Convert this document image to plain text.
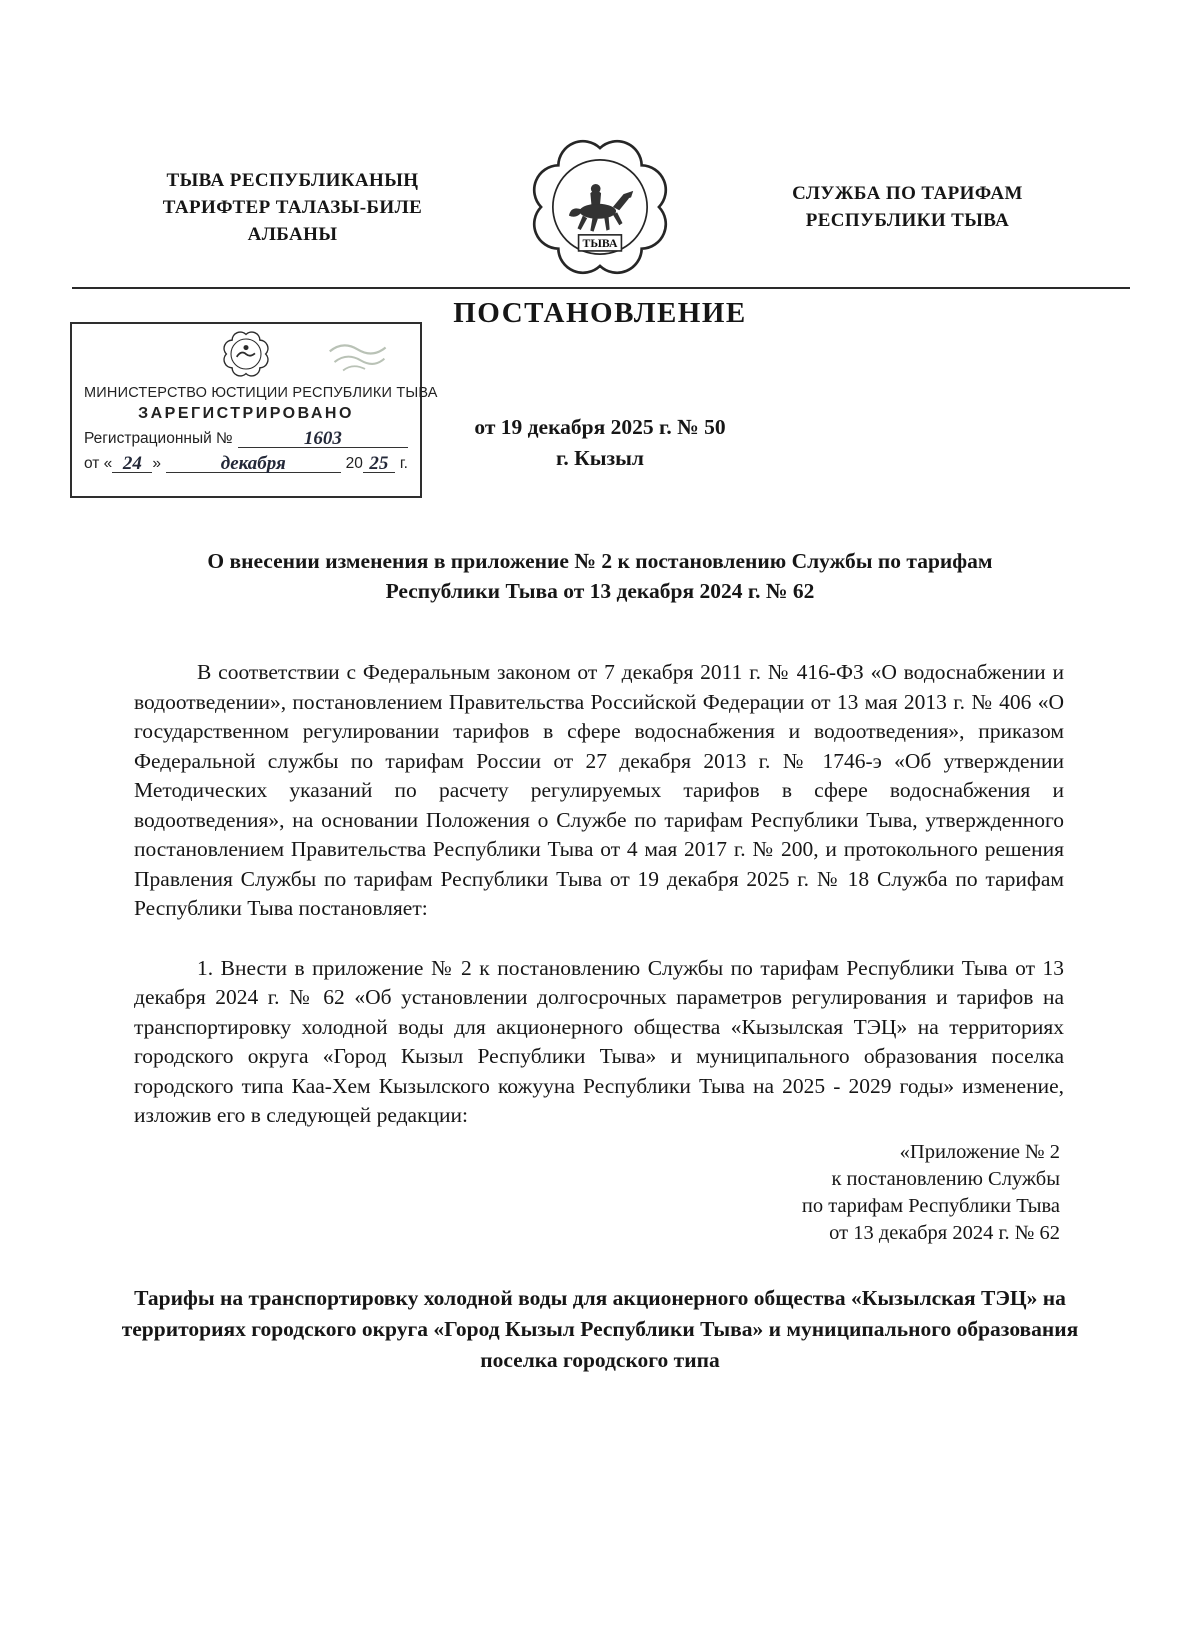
ТЫВА РЕСПУБЛИКАНЫҢ
ТАРИФТЕР ТАЛАЗЫ-БИЛЕ
АЛБАНЫ	ТЫВА
СЛУЖБА ПО ТАРИФАМ
РЕСПУБЛИКИ ТЫВА
ПОСТАНОВЛЕНИЕ
МИНИСТЕРСТВО ЮСТИЦИИ РЕСПУБЛИКИ ТЫВА
ЗАРЕГИСТРИРОВАНО
Регистрационный №	1603
от « 24 »	декабря	20 25 г.
от 19 декабря 2025 г. № 50
г. Кызыл
О внесении изменения в приложение № 2 к постановлению Службы по тарифам Республики Тыва от 13 декабря 2024 г. № 62

В соответствии с Федеральным законом от 7 декабря 2011 г. № 416-ФЗ «О водоснабжении и водоотведении», постановлением Правительства Российской Федерации от 13 мая 2013 г. № 406 «О государственном регулировании тарифов в сфере водоснабжения и водоотведения», приказом Федеральной службы по тарифам России от 27 декабря 2013 г. № 1746-э «Об утверждении Методических указаний по расчету регулируемых тарифов в сфере водоснабжения и водоотведения», на основании Положения о Службе по тарифам Республики Тыва, утвержденного постановлением Правительства Республики Тыва от 4 мая 2017 г. № 200, и протокольного решения Правления Службы по тарифам Республики Тыва от 19 декабря 2025 г. № 18 Служба по тарифам Республики Тыва постановляет:

1. Внести в приложение № 2 к постановлению Службы по тарифам Республики Тыва от 13 декабря 2024 г. № 62 «Об установлении долгосрочных параметров регулирования и тарифов на транспортировку холодной воды для акционерного общества «Кызылская ТЭЦ» на территориях городского округа «Город Кызыл Республики Тыва» и муниципального образования поселка городского типа Каа-Хем Кызылского кожууна Республики Тыва на 2025 - 2029 годы» изменение, изложив его в следующей редакции:

«Приложение № 2
к постановлению Службы
по тарифам Республики Тыва
от 13 декабря 2024 г. № 62
Тарифы на транспортировку холодной воды для акционерного общества «Кызылская ТЭЦ» на территориях городского округа «Город Кызыл Республики Тыва» и муниципального образования поселка городского типа
